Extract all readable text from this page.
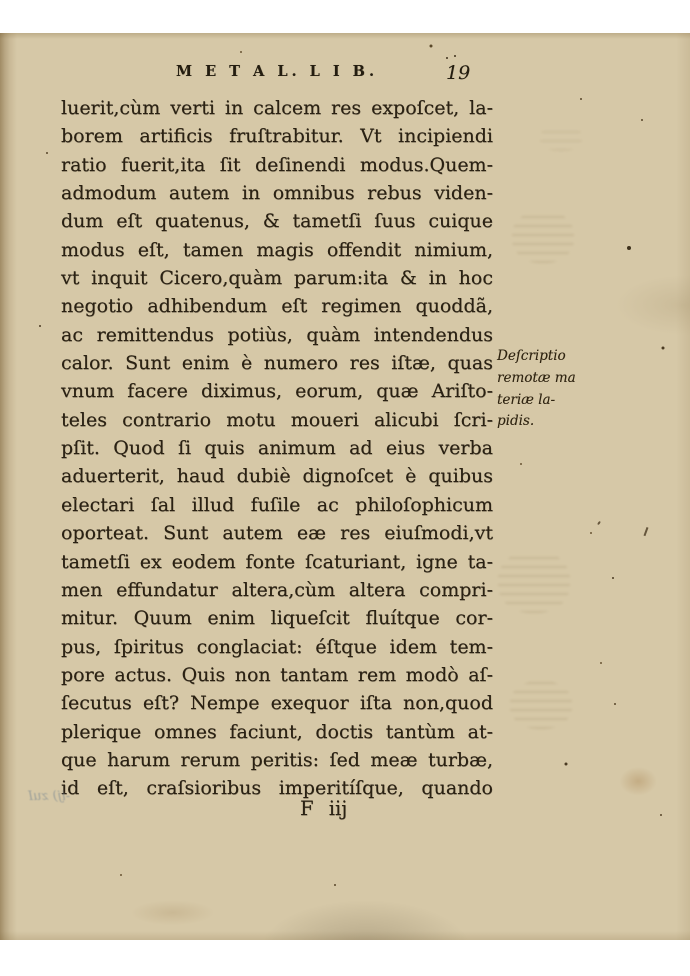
M E T A L. L I B.	19
luerit,cùm verti in calcem res expoſcet, la-
borem artificis fruſtrabitur. Vt incipiendi
ratio fuerit,ita ſit deſinendi modus.Quem-
admodum autem in omnibus rebus viden-
dum eſt quatenus, & tametſi ſuus cuique
modus eſt, tamen magis offendit nimium,
vt inquit Cicero,quàm parum:ita & in hoc
negotio adhibendum eſt regimen quoddã,
ac remittendus potiùs, quàm intendendus
calor. Sunt enim è numero res iſtæ, quas
vnum facere diximus, eorum, quæ Ariſto-
teles contrario motu moueri alicubi ſcri-
pſit. Quod ſi quis animum ad eius verba
aduerterit, haud dubiè dignoſcet è quibus
electari ſal illud fuſile ac philoſophicum
oporteat. Sunt autem eæ res eiuſmodi,vt
tametſi ex eodem fonte ſcaturiant, igne ta-
men effundatur altera,cùm altera compri-
mitur. Quum enim liqueſcit fluítque cor-
pus, ſpiritus conglaciat: éſtque idem tem-
pore actus. Quis non tantam rem modò aſ-
ſecutus eſt? Nempe exequor iſta non,quod
plerique omnes faciunt, doctis tantùm at-
que harum rerum peritis: ſed meæ turbæ,
id eſt, craſsioribus imperitíſque, quando
Deſcriptio
remotæ ma
teriæ la-
pidis.
F iij
-ij) zuI
